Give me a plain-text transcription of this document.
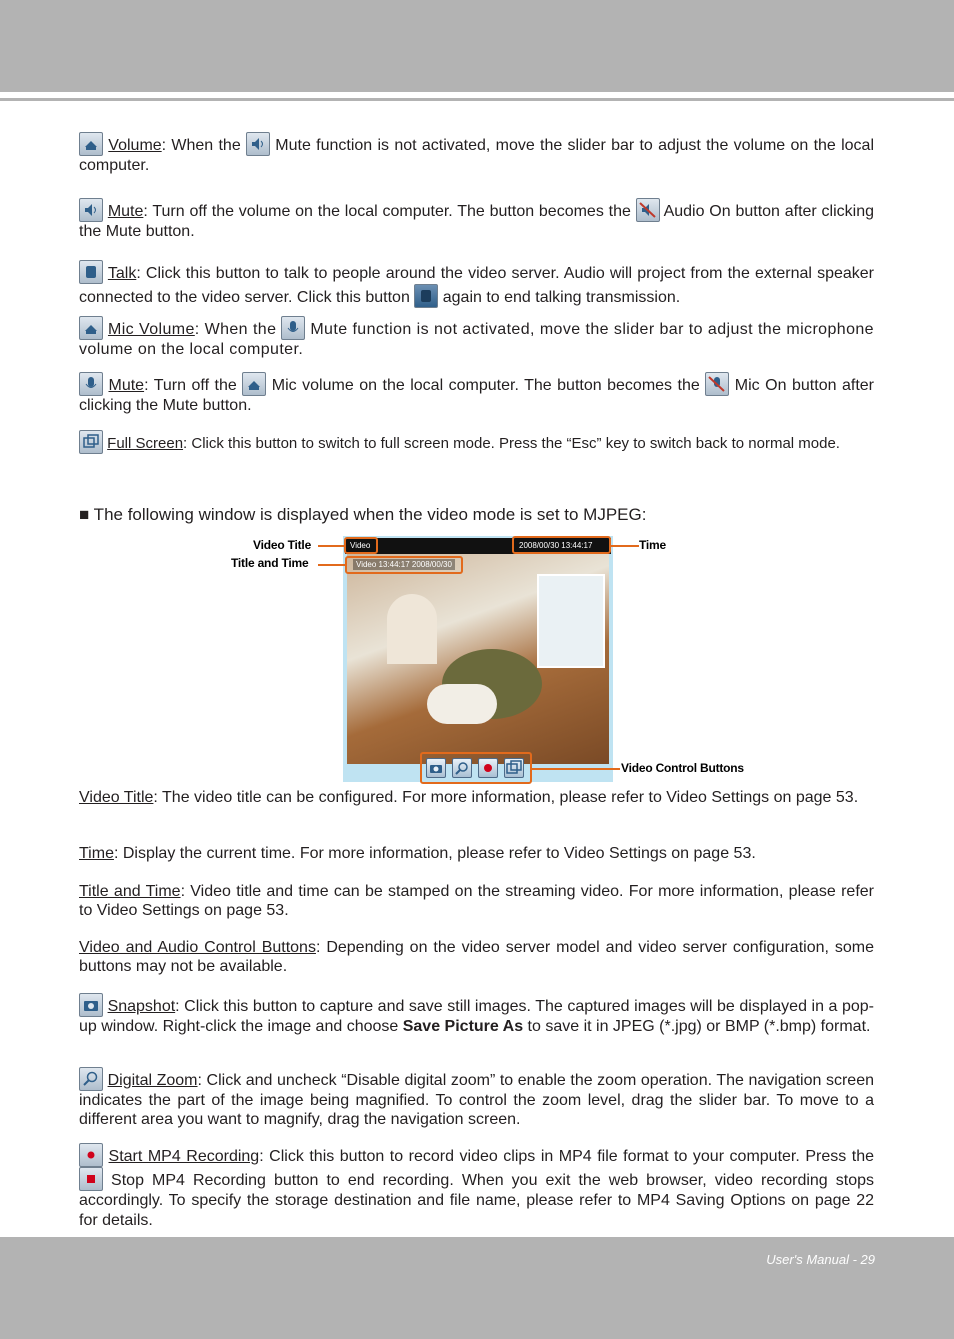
Volume: When the
Mute function is not activated, move the slider bar to adjust the volume on the local computer.
Mute: Turn off the volume on the local computer. The button becomes the
Audio On button after clicking the Mute button.
Talk: Click this button to talk to people around the video server. Audio will project from the external speaker connected to the video server. Click this button
again to end talking transmission.
Mic Volume: When the
Mute function is not activated, move the slider bar to adjust the microphone volume on the local computer.
Mute: Turn off the
Mic volume on the local computer. The button becomes the
Mic On button after clicking the Mute button.
Full Screen: Click this button to switch to full screen mode. Press the “Esc” key to switch back to normal mode.
■ The following window is displayed when the video mode is set to MJPEG:
Video	2008/00/30 13:44:17
Video 13:44:17 2008/00/30
Video Title
Title and Time
Time
Video Control Buttons
Video Title: The video title can be configured. For more information, please refer to Video Settings on page 53.
Time: Display the current time. For more information, please refer to Video Settings on page 53.
Title and Time: Video title and time can be stamped on the streaming video. For more information, please refer to Video Settings on page 53.
Video and Audio Control Buttons: Depending on the video server model and video server configuration, some buttons may not be available.
Snapshot: Click this button to capture and save still images. The captured images will be displayed in a pop-up window. Right-click the image and choose Save Picture As to save it in JPEG (*.jpg) or BMP (*.bmp) format.
Digital Zoom: Click and uncheck “Disable digital zoom” to enable the zoom operation. The navigation screen indicates the part of the image being magnified. To control the zoom level, drag the slider bar. To move to a different area you want to magnify, drag the navigation screen.
Start MP4 Recording: Click this button to record video clips in MP4 file format to your computer. Press the
Stop MP4 Recording button to end recording. When you exit the web browser, video recording stops accordingly. To specify the storage destination and file name, please refer to MP4 Saving Options on page 22 for details.
User's Manual - 29
